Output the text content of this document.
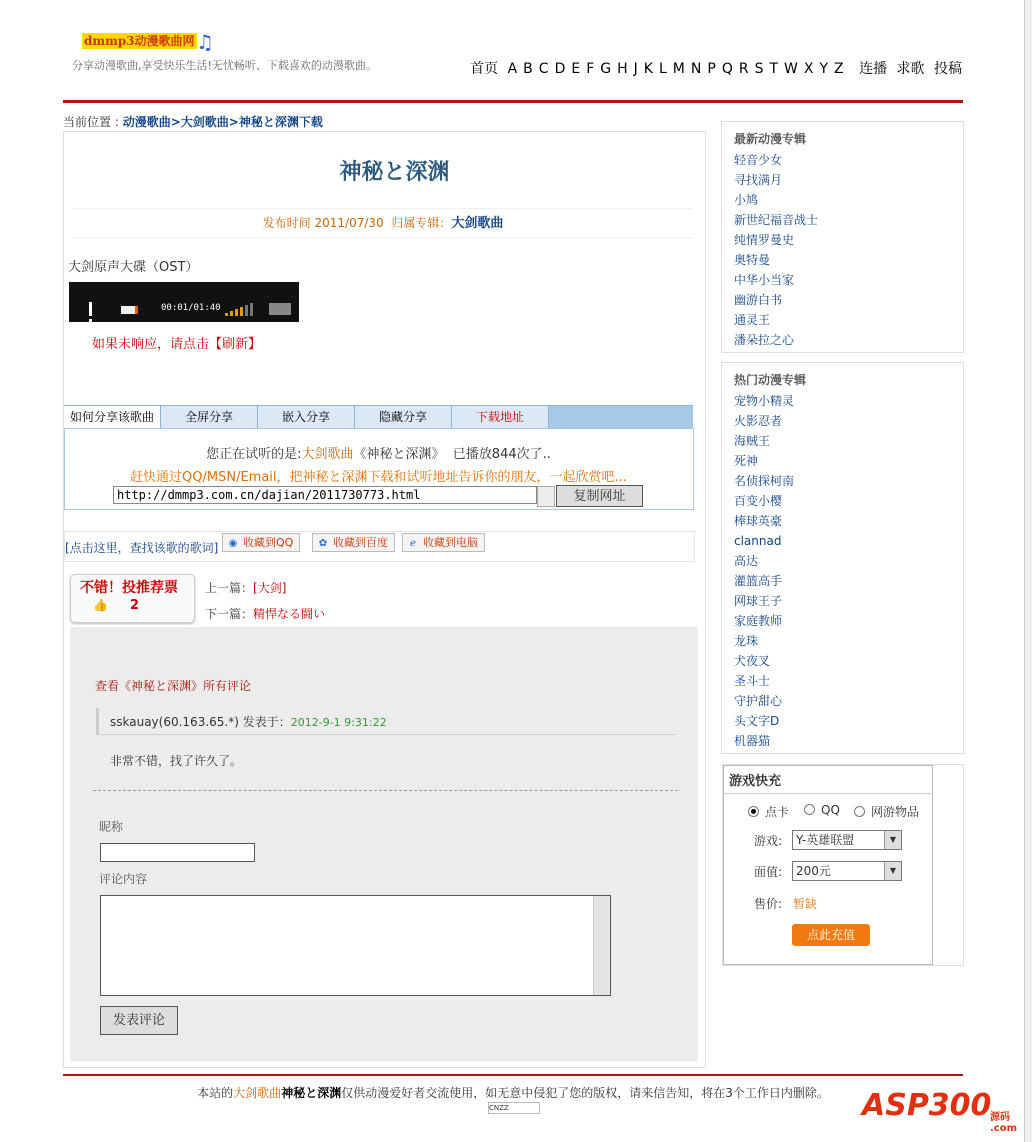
dmmp3动漫歌曲网 ♫
分享动漫歌曲,享受快乐生活!无忧畅听、下载喜欢的动漫歌曲。	首页 A B C D E F G H J K L M N P Q R S T W X Y Z 连播 求歌 投稿
当前位置 : 动漫歌曲>大剑歌曲>神秘と深渊下载
神秘と深渊
发布时间 2011/07/30 归属专辑：大剑歌曲
大剑原声大碟（OST）
00:01/01:40
如果未响应，请点击【刷新】
如何分享该歌曲	全屏分享	嵌入分享	隐藏分享	下载地址
您正在试听的是:大剑歌曲《神秘と深渊》 已播放844次了..
赶快通过QQ/MSN/Email，把神秘と深渊下载和试听地址告诉你的朋友，一起欣赏吧...
http://dmmp3.com.cn/dajian/2011730773.html
复制网址
[点击这里，查找该歌的歌词]	◉ 收藏到QQ	✿ 收藏到百度	ℯ 收藏到电脑
不错！投推荐票
👍 2
上一篇：[大剑]
下一篇：精悍なる闘い
查看《神秘と深渊》所有评论
sskauay(60.163.65.*) 发表于：2012-9-1 9:31:22
非常不错，找了许久了。
昵称
评论内容
发表评论
最新动漫专辑
轻音少女
寻找满月
小鸠
新世纪福音战士
纯情罗曼史
奥特曼
中华小当家
幽游白书
通灵王
潘朵拉之心
热门动漫专辑
宠物小精灵
火影忍者
海贼王
死神
名侦探柯南
百变小樱
棒球英豪
clannad
高达
灌篮高手
网球王子
家庭教师
龙珠
犬夜叉
圣斗士
守护甜心
头文字D
机器猫
游戏快充
点卡	QQ	网游物品
游戏:	Y-英雄联盟	▼
面值:	200元	▼
售价: 暂缺
点此充值
本站的大剑歌曲神秘と深渊仅供动漫爱好者交流使用，如无意中侵犯了您的版权，请来信告知，将在3个工作日内删除。
CNZZ	ASP300
源码 .com
